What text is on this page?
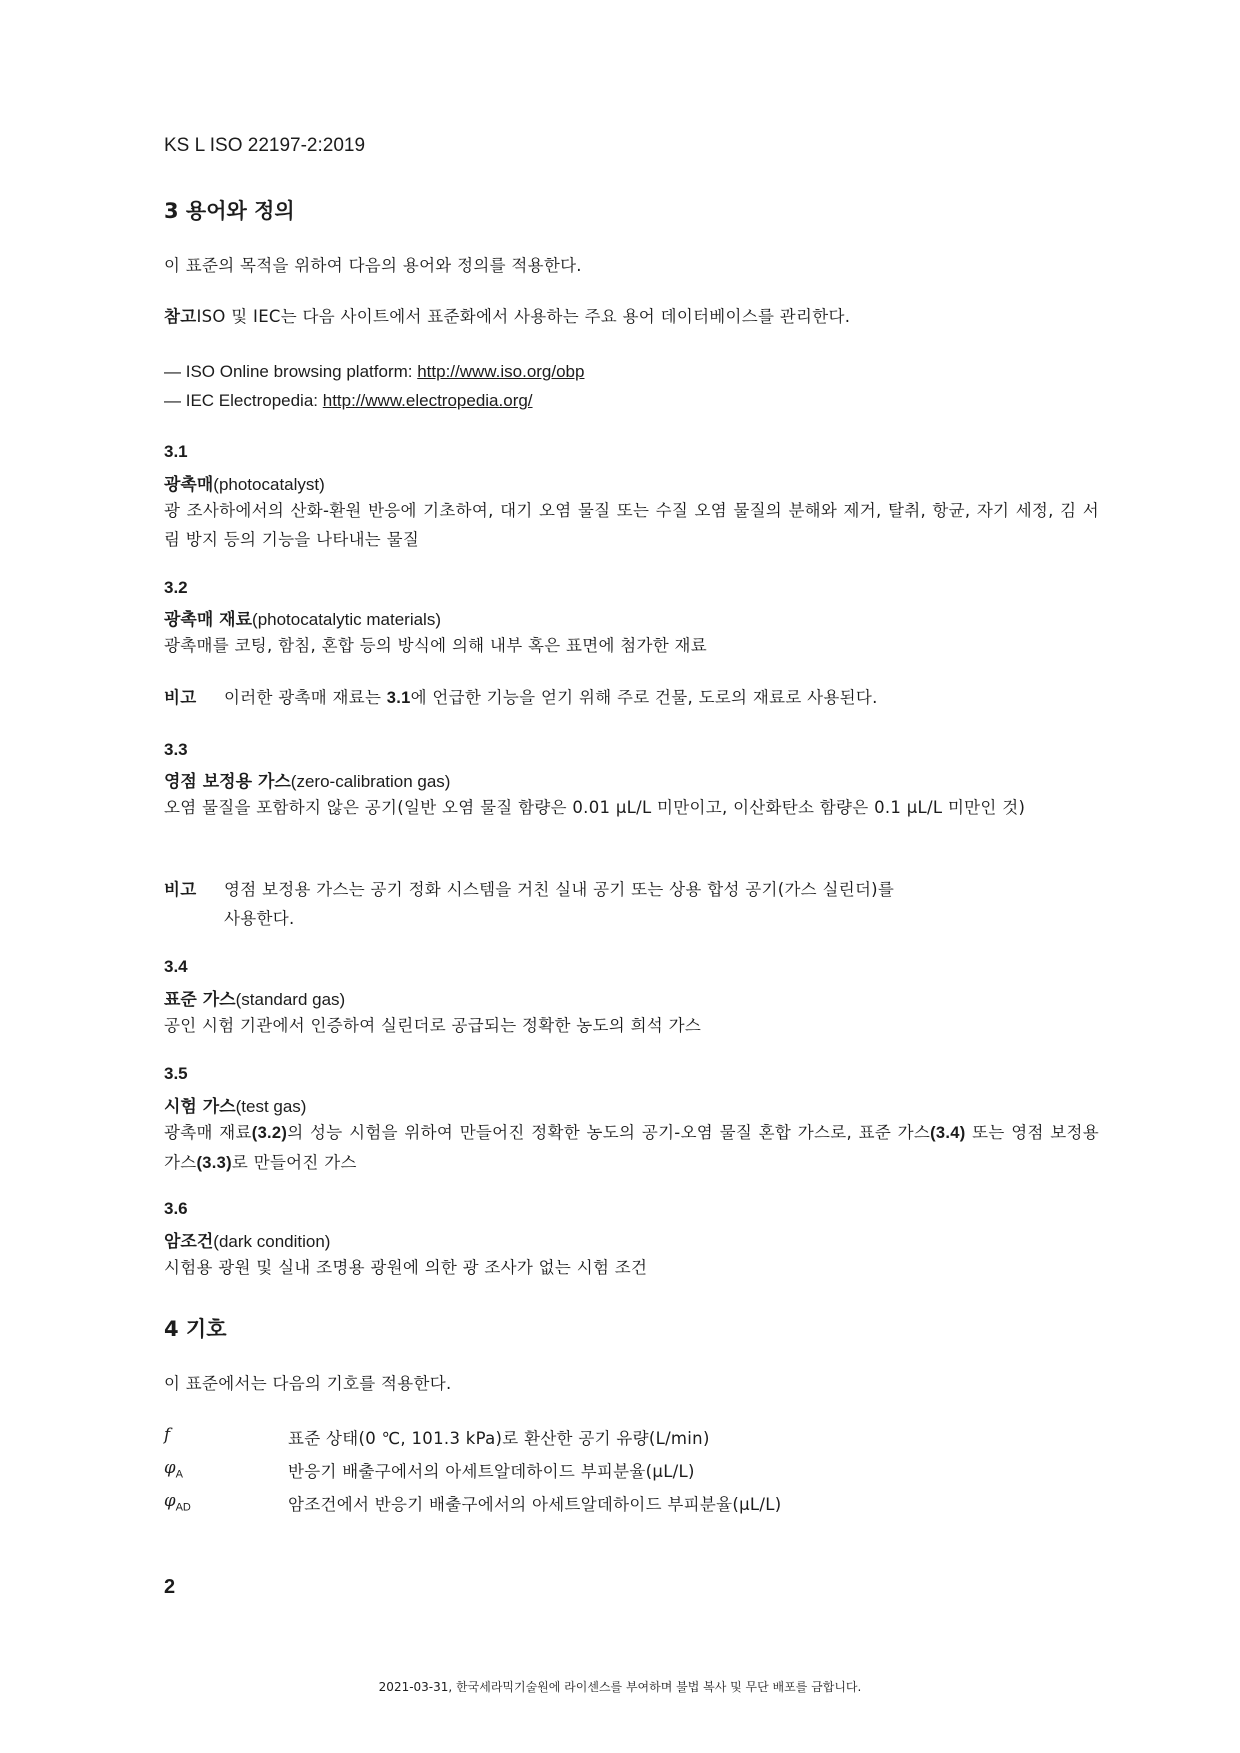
KS L ISO 22197-2:2019
3 용어와 정의
이 표준의 목적을 위하여 다음의 용어와 정의를 적용한다.
참고ISO 및 IEC는 다음 사이트에서 표준화에서 사용하는 주요 용어 데이터베이스를 관리한다.
— ISO Online browsing platform: http://www.iso.org/obp
— IEC Electropedia: http://www.electropedia.org/
3.1
광촉매(photocatalyst)
광 조사하에서의 산화-환원 반응에 기초하여, 대기 오염 물질 또는 수질 오염 물질의 분해와 제거, 탈취, 항균, 자기 세정, 김 서림 방지 등의 기능을 나타내는 물질
3.2
광촉매 재료(photocatalytic materials)
광촉매를 코팅, 함침, 혼합 등의 방식에 의해 내부 혹은 표면에 첨가한 재료
비고 이러한 광촉매 재료는 3.1에 언급한 기능을 얻기 위해 주로 건물, 도로의 재료로 사용된다.
3.3
영점 보정용 가스(zero-calibration gas)
오염 물질을 포함하지 않은 공기(일반 오염 물질 함량은 0.01 μL/L 미만이고, 이산화탄소 함량은 0.1 μL/L 미만인 것)
비고 영점 보정용 가스는 공기 정화 시스템을 거친 실내 공기 또는 상용 합성 공기(가스 실린더)를
사용한다.
3.4
표준 가스(standard gas)
공인 시험 기관에서 인증하여 실린더로 공급되는 정확한 농도의 희석 가스
3.5
시험 가스(test gas)
광촉매 재료(3.2)의 성능 시험을 위하여 만들어진 정확한 농도의 공기-오염 물질 혼합 가스로, 표준 가스(3.4) 또는 영점 보정용 가스(3.3)로 만들어진 가스
3.6
암조건(dark condition)
시험용 광원 및 실내 조명용 광원에 의한 광 조사가 없는 시험 조건
4 기호
이 표준에서는 다음의 기호를 적용한다.
f	표준 상태(0 ℃, 101.3 kPa)로 환산한 공기 유량(L/min)
$\varphi_A$	반응기 배출구에서의 아세트알데하이드 부피분율(μL/L)
$\varphi_{AD}$	암조건에서 반응기 배출구에서의 아세트알데하이드 부피분율(μL/L)
2
2021-03-31, 한국세라믹기술원에 라이센스를 부여하며 불법 복사 및 무단 배포를 금합니다.
